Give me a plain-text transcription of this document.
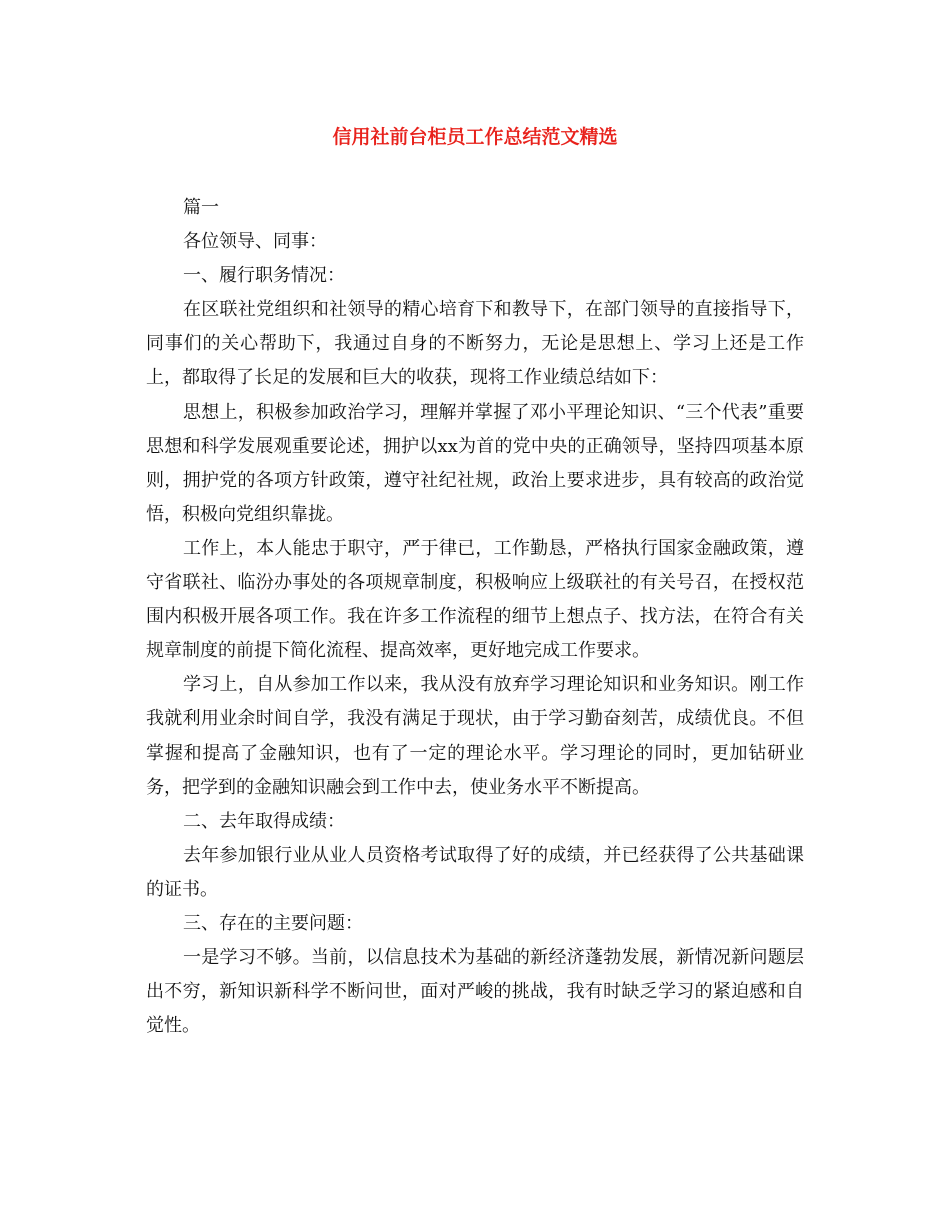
信用社前台柜员工作总结范文精选

篇一

各位领导、同事：

一、履行职务情况：

在区联社党组织和社领导的精心培育下和教导下，在部门领导的直接指导下，同事们的关心帮助下，我通过自身的不断努力，无论是思想上、学习上还是工作上，都取得了长足的发展和巨大的收获，现将工作业绩总结如下：

思想上，积极参加政治学习，理解并掌握了邓小平理论知识、“三个代表”重要思想和科学发展观重要论述，拥护以xx为首的党中央的正确领导，坚持四项基本原则，拥护党的各项方针政策，遵守社纪社规，政治上要求进步，具有较高的政治觉悟，积极向党组织靠拢。

工作上，本人能忠于职守，严于律已，工作勤恳，严格执行国家金融政策，遵守省联社、临汾办事处的各项规章制度，积极响应上级联社的有关号召，在授权范围内积极开展各项工作。我在许多工作流程的细节上想点子、找方法，在符合有关规章制度的前提下简化流程、提高效率，更好地完成工作要求。

学习上，自从参加工作以来，我从没有放弃学习理论知识和业务知识。刚工作我就利用业余时间自学，我没有满足于现状，由于学习勤奋刻苦，成绩优良。不但掌握和提高了金融知识，也有了一定的理论水平。学习理论的同时，更加钻研业务，把学到的金融知识融会到工作中去，使业务水平不断提高。

二、去年取得成绩：

去年参加银行业从业人员资格考试取得了好的成绩，并已经获得了公共基础课的证书。

三、存在的主要问题：

一是学习不够。当前，以信息技术为基础的新经济蓬勃发展，新情况新问题层出不穷，新知识新科学不断问世，面对严峻的挑战，我有时缺乏学习的紧迫感和自觉性。
